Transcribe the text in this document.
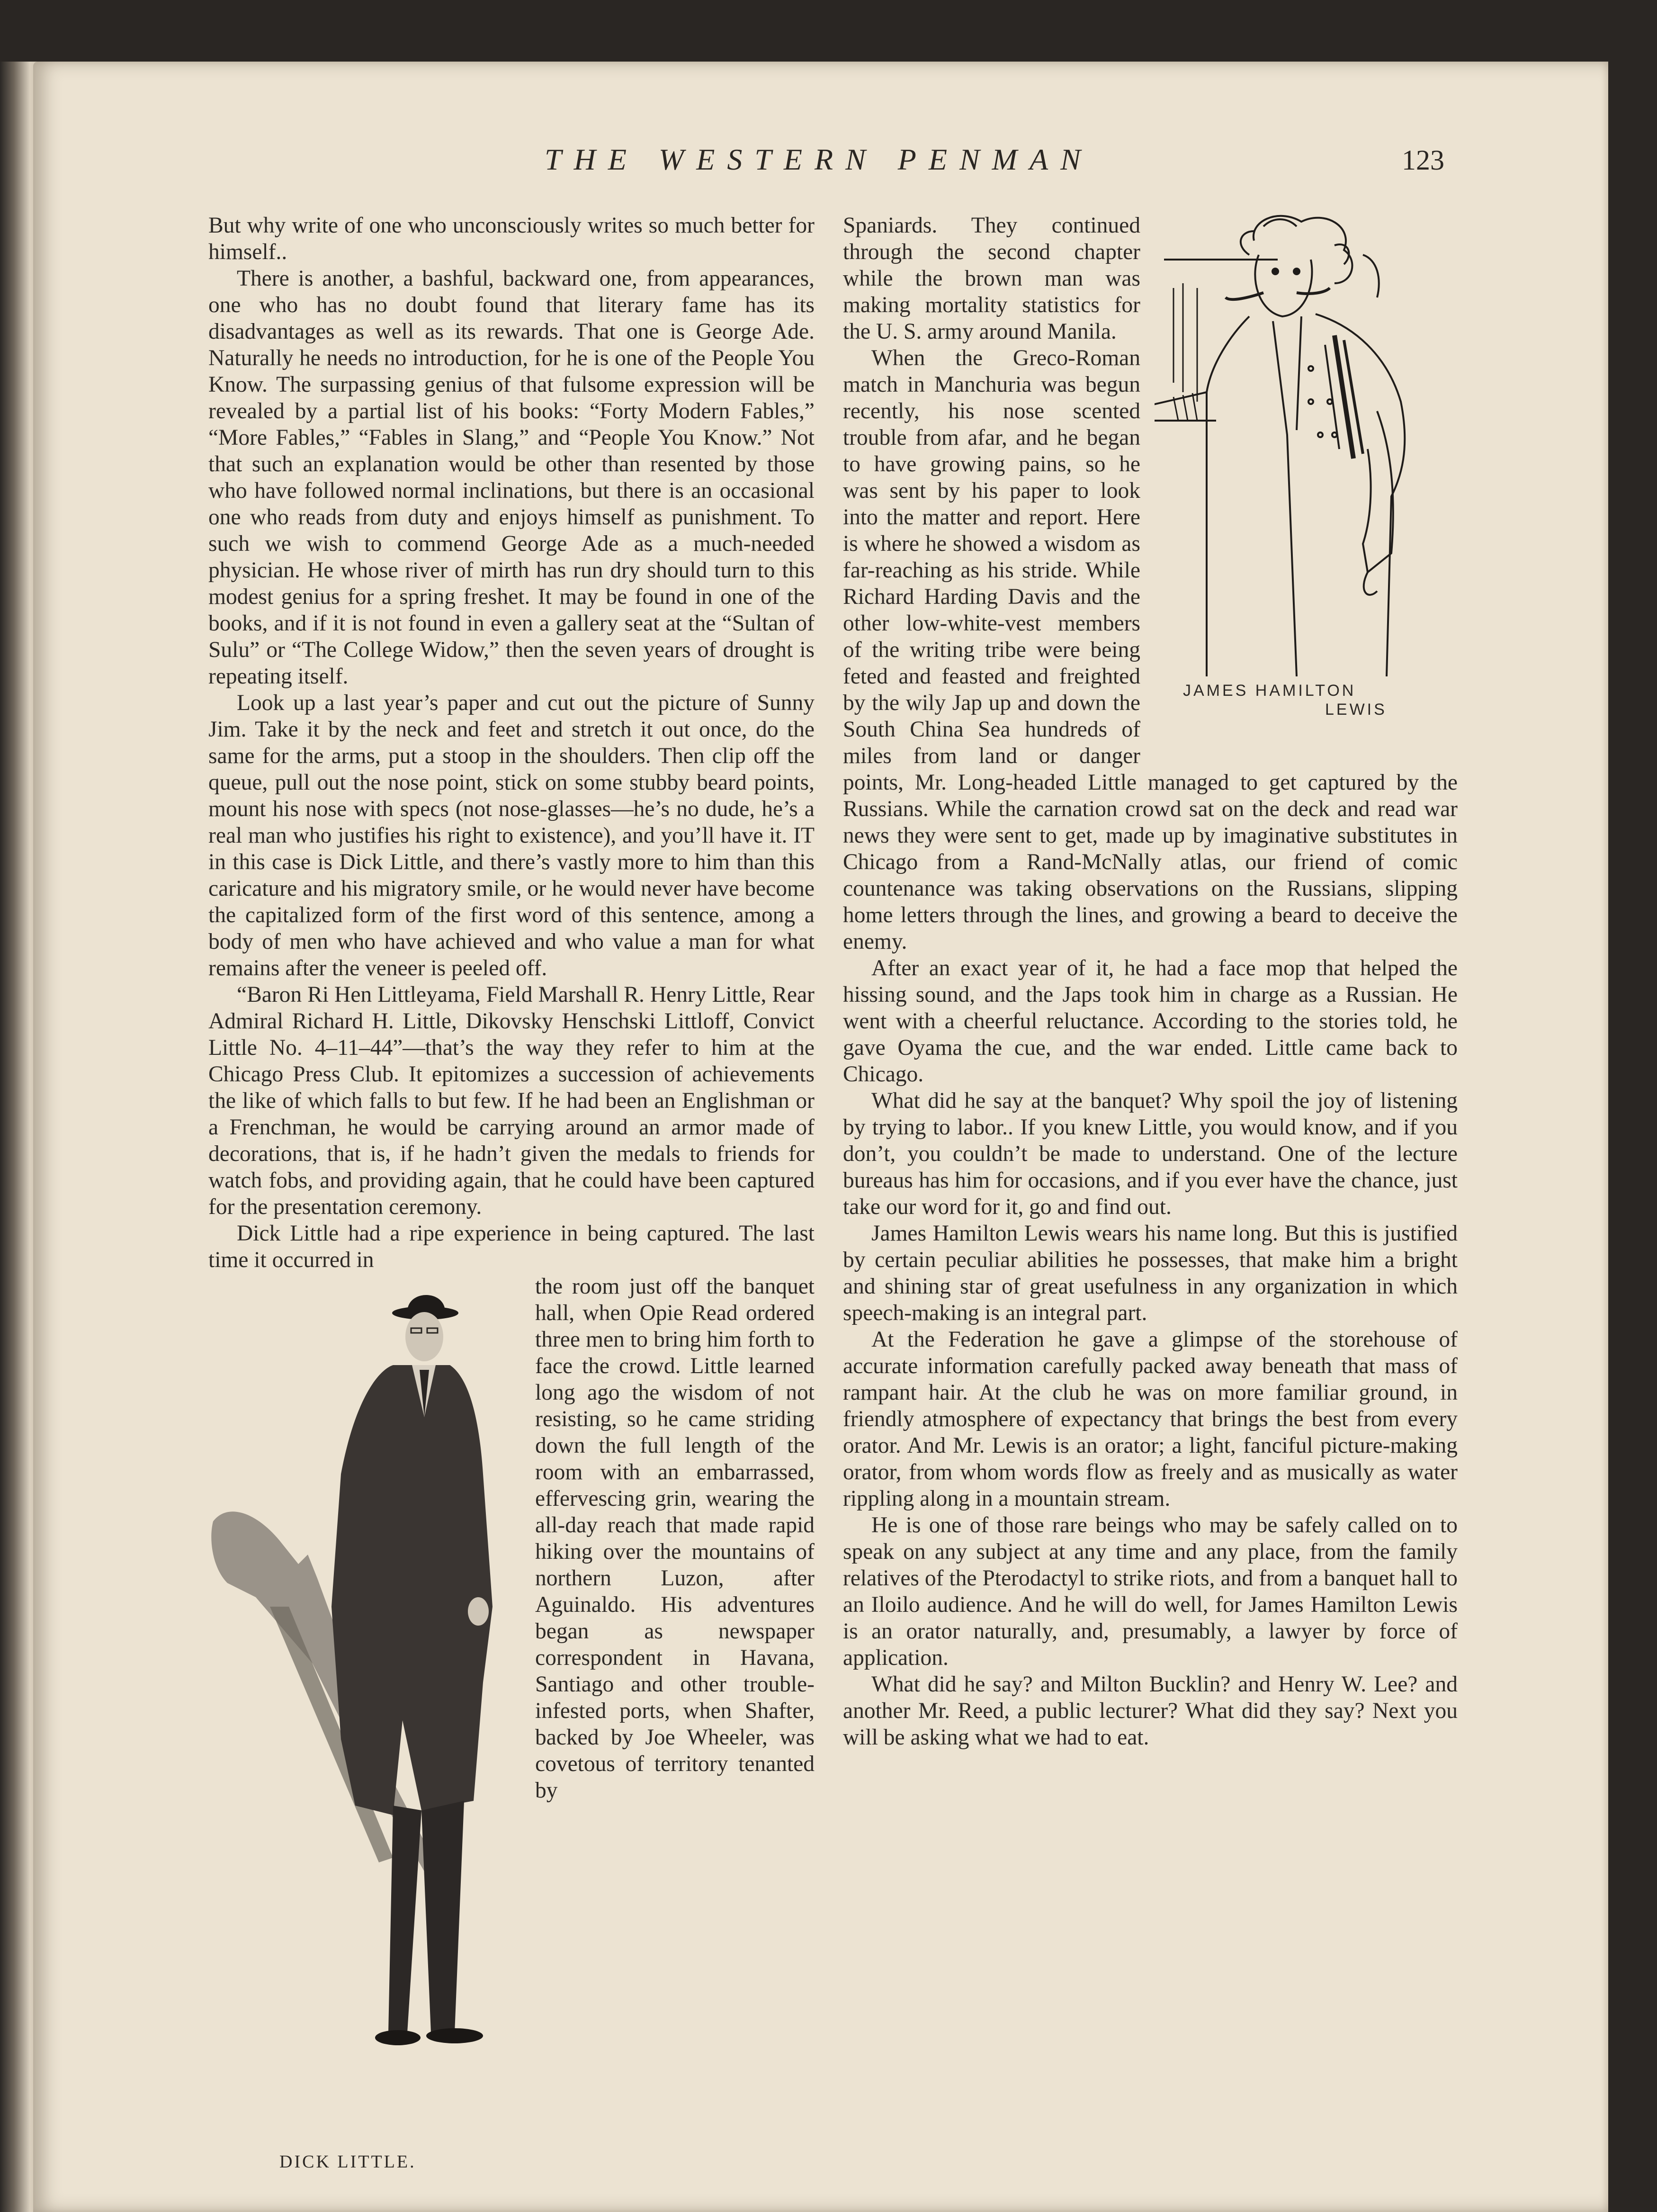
THE WESTERN PENMAN	123

But why write of one who unconsciously writes so much better for himself..

There is another, a bashful, backward one, from appearances, one who has no doubt found that literary fame has its disadvantages as well as its rewards. That one is George Ade. Naturally he needs no introduction, for he is one of the People You Know. The surpassing genius of that fulsome expression will be revealed by a partial list of his books: “Forty Modern Fables,” “More Fables,” “Fables in Slang,” and “People You Know.” Not that such an explanation would be other than resented by those who have followed normal inclinations, but there is an occasional one who reads from duty and enjoys himself as punishment. To such we wish to commend George Ade as a much-needed physician. He whose river of mirth has run dry should turn to this modest genius for a spring freshet. It may be found in one of the books, and if it is not found in even a gallery seat at the “Sultan of Sulu” or “The College Widow,” then the seven years of drought is repeating itself.

Look up a last year’s paper and cut out the picture of Sunny Jim. Take it by the neck and feet and stretch it out once, do the same for the arms, put a stoop in the shoulders. Then clip off the queue, pull out the nose point, stick on some stubby beard points, mount his nose with specs (not nose-glasses—he’s no dude, he’s a real man who justifies his right to existence), and you’ll have it. IT in this case is Dick Little, and there’s vastly more to him than this caricature and his migratory smile, or he would never have become the capitalized form of the first word of this sentence, among a body of men who have achieved and who value a man for what remains after the veneer is peeled off.

“Baron Ri Hen Littleyama, Field Marshall R. Henry Little, Rear Admiral Richard H. Little, Dikovsky Henschski Littloff, Convict Little No. 4–11–44”—that’s the way they refer to him at the Chicago Press Club. It epitomizes a succession of achievements the like of which falls to but few. If he had been an Englishman or a Frenchman, he would be carrying around an armor made of decorations, that is, if he hadn’t given the medals to friends for watch fobs, and providing again, that he could have been captured for the presentation ceremony.

Dick Little had a ripe experience in being captured. The last time it occurred in

DICK LITTLE.

the room just off the banquet hall, when Opie Read ordered three men to bring him forth to face the crowd. Little learned long ago the wisdom of not resisting, so he came striding down the full length of the room with an embarrassed, effervescing grin, wearing the all-day reach that made rapid hiking over the mountains of northern Luzon, after Aguinaldo. His adventures began as newspaper correspondent in Havana, Santiago and other trouble-infested ports, when Shafter, backed by Joe Wheeler, was covetous of territory tenanted by

JAMES HAMILTON
LEWIS

Spaniards. They continued through the second chapter while the brown man was making mortality statistics for the U. S. army around Manila.

When the Greco-Roman match in Manchuria was begun recently, his nose scented trouble from afar, and he began to have growing pains, so he was sent by his paper to look into the matter and report. Here is where he showed a wisdom as far-reaching as his stride. While Richard Harding Davis and the other low-white-vest members of the writing tribe were being feted and feasted and freighted by the wily Jap up and down the South China Sea hundreds of miles from land or danger points, Mr. Long-headed Little managed to get captured by the Russians. While the carnation crowd sat on the deck and read war news they were sent to get, made up by imaginative substitutes in Chicago from a Rand-McNally atlas, our friend of comic countenance was taking observations on the Russians, slipping home letters through the lines, and growing a beard to deceive the enemy.

After an exact year of it, he had a face mop that helped the hissing sound, and the Japs took him in charge as a Russian. He went with a cheerful reluctance. According to the stories told, he gave Oyama the cue, and the war ended. Little came back to Chicago.

What did he say at the banquet? Why spoil the joy of listening by trying to labor.. If you knew Little, you would know, and if you don’t, you couldn’t be made to understand. One of the lecture bureaus has him for occasions, and if you ever have the chance, just take our word for it, go and find out.

James Hamilton Lewis wears his name long. But this is justified by certain peculiar abilities he possesses, that make him a bright and shining star of great usefulness in any organization in which speech-making is an integral part.

At the Federation he gave a glimpse of the storehouse of accurate information carefully packed away beneath that mass of rampant hair. At the club he was on more familiar ground, in friendly atmosphere of expectancy that brings the best from every orator. And Mr. Lewis is an orator; a light, fanciful picture-making orator, from whom words flow as freely and as musically as water rippling along in a mountain stream.

He is one of those rare beings who may be safely called on to speak on any subject at any time and any place, from the family relatives of the Pterodactyl to strike riots, and from a banquet hall to an Iloilo audience. And he will do well, for James Hamilton Lewis is an orator naturally, and, presumably, a lawyer by force of application.

What did he say? and Milton Bucklin? and Henry W. Lee? and another Mr. Reed, a public lecturer? What did they say? Next you will be asking what we had to eat.
